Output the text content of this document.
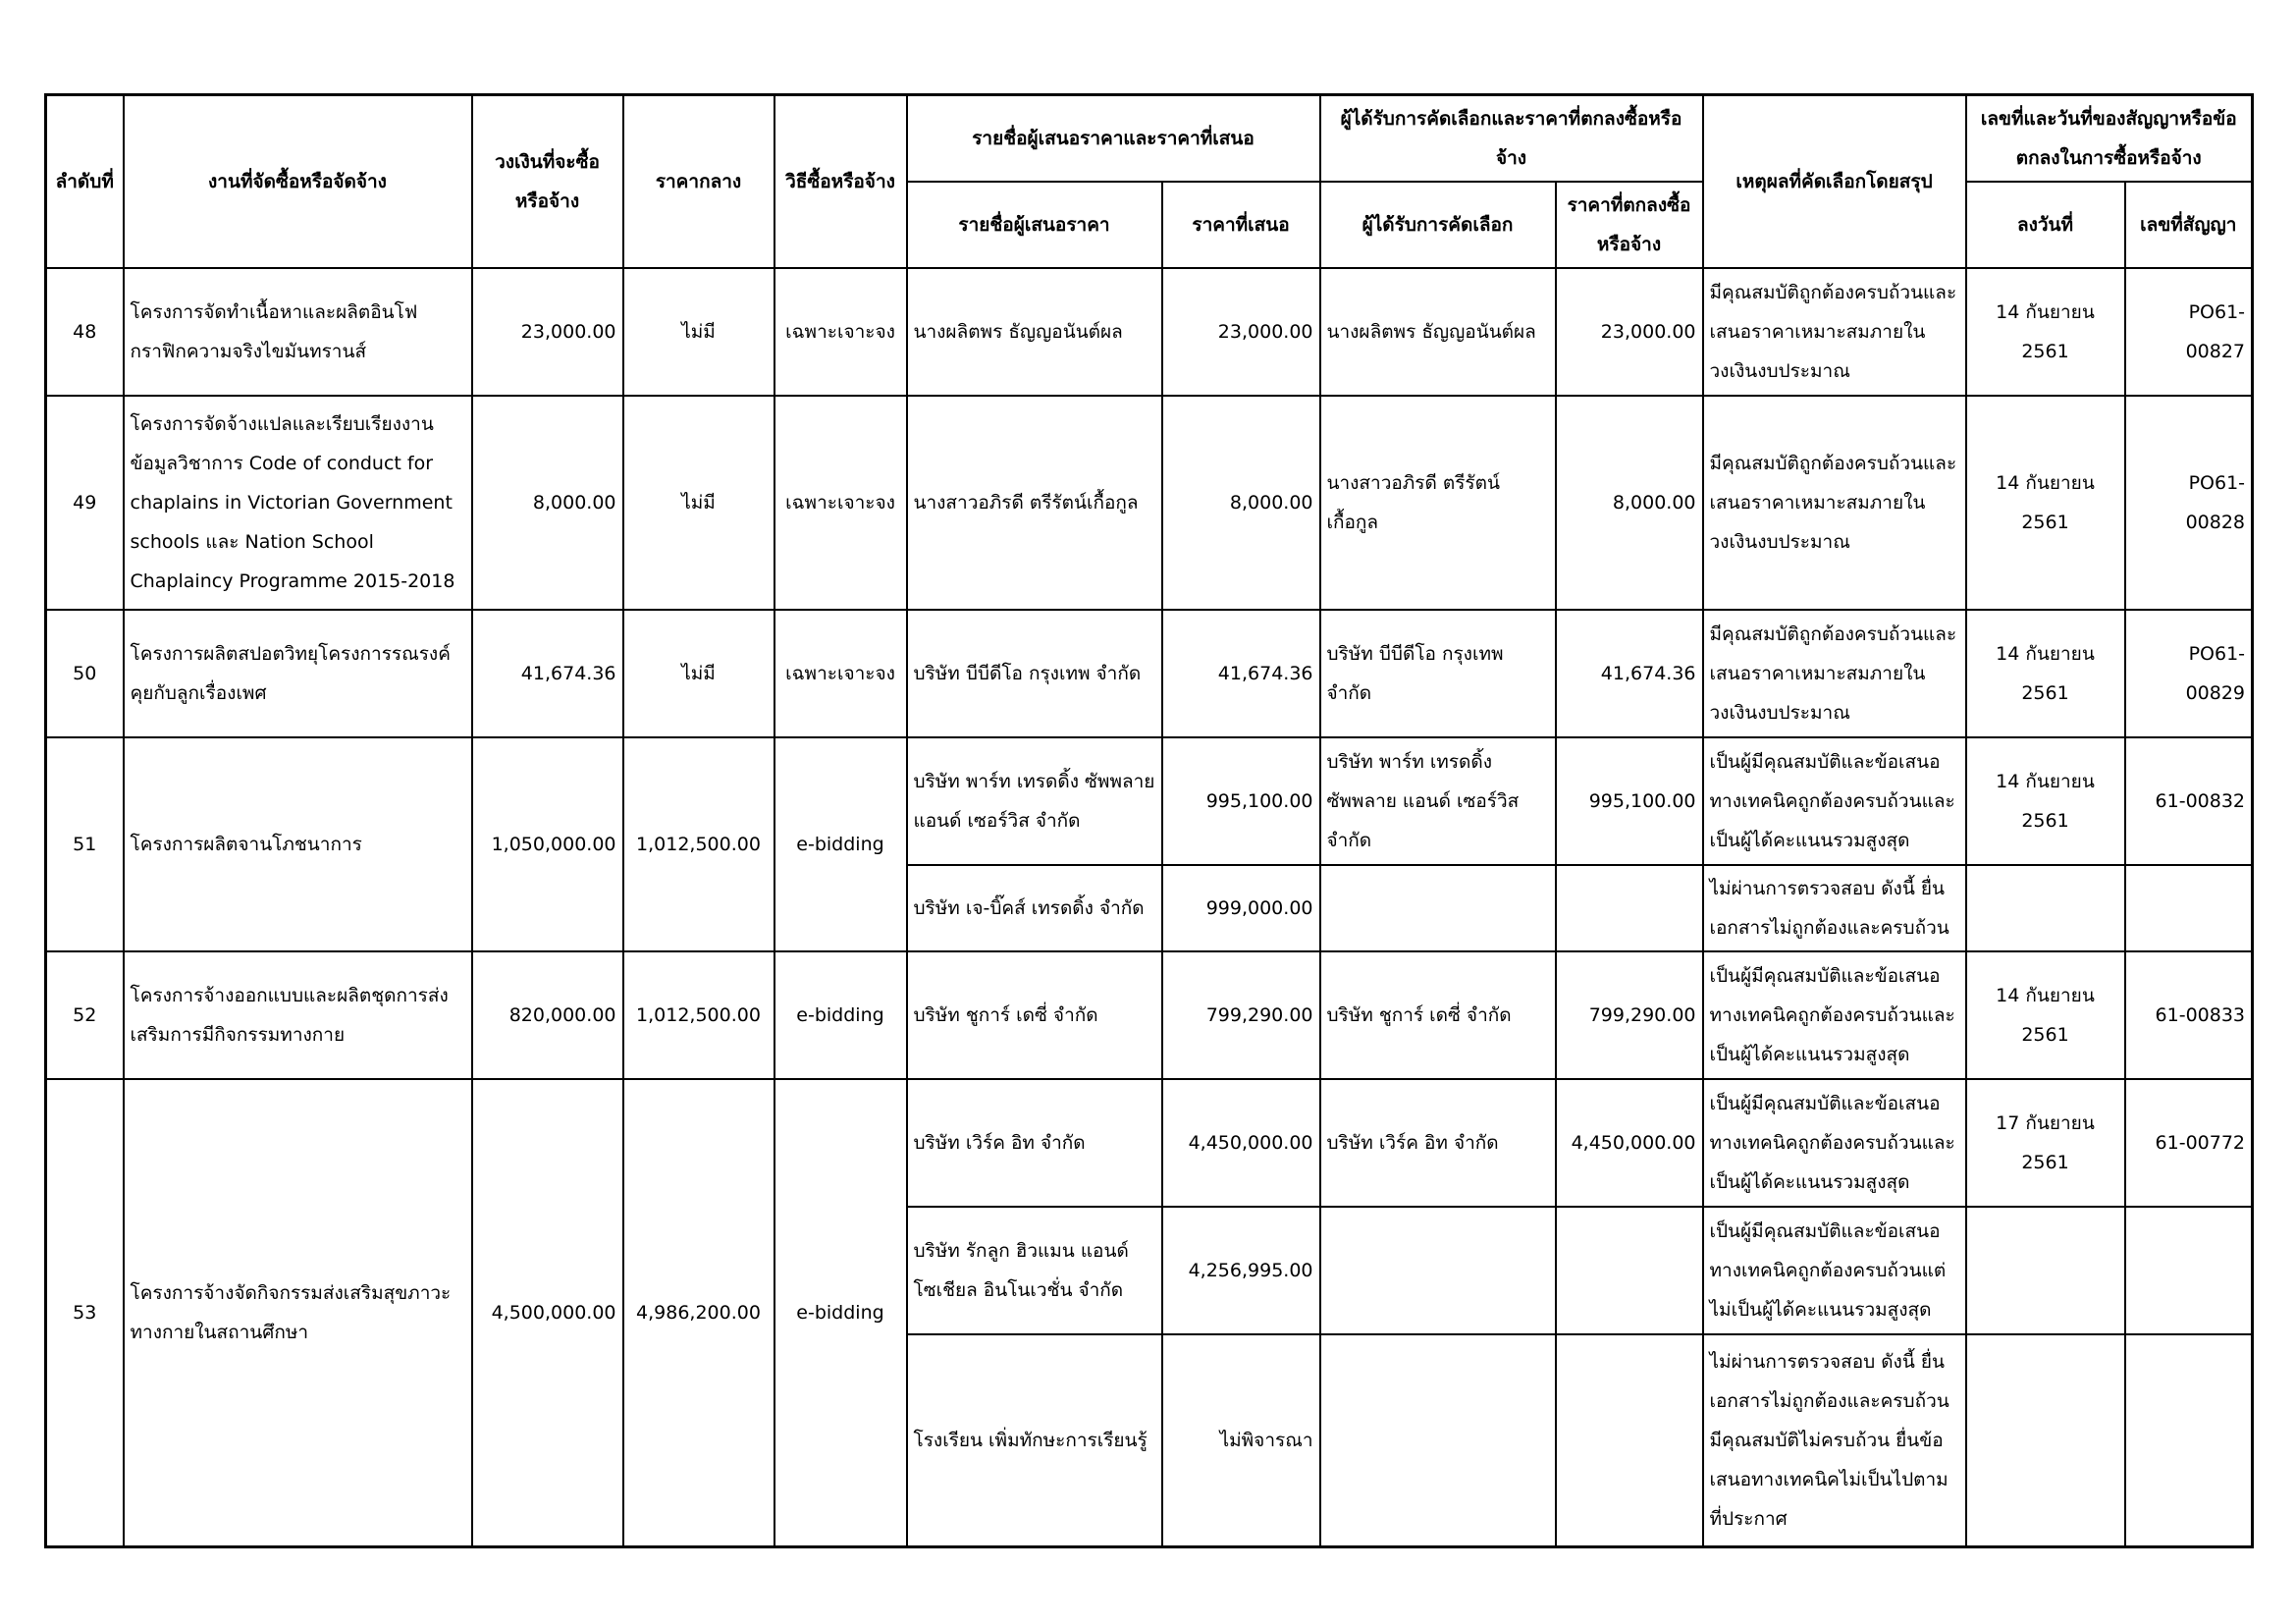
ลำดับที่	งานที่จัดซื้อหรือจัดจ้าง	วงเงินที่จะซื้อหรือจ้าง	ราคากลาง	วิธีซื้อหรือจ้าง	รายชื่อผู้เสนอราคาและราคาที่เสนอ		ผู้ได้รับการคัดเลือกและราคาที่ตกลงซื้อหรือจ้าง		เหตุผลที่คัดเลือกโดยสรุป	เลขที่และวันที่ของสัญญาหรือข้อตกลงในการซื้อหรือจ้าง	
					รายชื่อผู้เสนอราคา	ราคาที่เสนอ	ผู้ได้รับการคัดเลือก	ราคาที่ตกลงซื้อหรือจ้าง		ลงวันที่	เลขที่สัญญา
48	โครงการจัดทำเนื้อหาและผลิตอินโฟกราฟิกความจริงไขมันทรานส์	23,000.00	ไม่มี	เฉพาะเจาะจง	นางผลิตพร ธัญญอนันต์ผล	23,000.00	นางผลิตพร ธัญญอนันต์ผล	23,000.00	มีคุณสมบัติถูกต้องครบถ้วนและเสนอราคาเหมาะสมภายในวงเงินงบประมาณ	14 กันยายน 2561	PO61-00827
49	โครงการจัดจ้างแปลและเรียบเรียงงานข้อมูลวิชาการ Code of conduct for chaplains in Victorian Government schools และ Nation School Chaplaincy Programme 2015-2018	8,000.00	ไม่มี	เฉพาะเจาะจง	นางสาวอภิรดี ตรีรัตน์เกื้อกูล	8,000.00	นางสาวอภิรดี ตรีรัตน์เกื้อกูล	8,000.00	มีคุณสมบัติถูกต้องครบถ้วนและเสนอราคาเหมาะสมภายในวงเงินงบประมาณ	14 กันยายน 2561	PO61-00828
50	โครงการผลิตสปอตวิทยุโครงการรณรงค์คุยกับลูกเรื่องเพศ	41,674.36	ไม่มี	เฉพาะเจาะจง	บริษัท บีบีดีโอ กรุงเทพ จำกัด	41,674.36	บริษัท บีบีดีโอ กรุงเทพ จำกัด	41,674.36	มีคุณสมบัติถูกต้องครบถ้วนและเสนอราคาเหมาะสมภายในวงเงินงบประมาณ	14 กันยายน 2561	PO61-00829
51	โครงการผลิตจานโภชนาการ	1,050,000.00	1,012,500.00	e-bidding	บริษัท พาร์ท เทรดดิ้ง ซัพพลาย แอนด์ เซอร์วิส จำกัด	995,100.00	บริษัท พาร์ท เทรดดิ้ง ซัพพลาย แอนด์ เซอร์วิส จำกัด	995,100.00	เป็นผู้มีคุณสมบัติและข้อเสนอทางเทคนิคถูกต้องครบถ้วนและเป็นผู้ได้คะแนนรวมสูงสุด	14 กันยายน 2561	61-00832
					บริษัท เจ-บิ๊คส์ เทรดดิ้ง จำกัด	999,000.00			ไม่ผ่านการตรวจสอบ ดังนี้ ยื่นเอกสารไม่ถูกต้องและครบถ้วน		
52	โครงการจ้างออกแบบและผลิตชุดการส่งเสริมการมีกิจกรรมทางกาย	820,000.00	1,012,500.00	e-bidding	บริษัท ชูการ์ เดซี่ จำกัด	799,290.00	บริษัท ชูการ์ เดซี่ จำกัด	799,290.00	เป็นผู้มีคุณสมบัติและข้อเสนอทางเทคนิคถูกต้องครบถ้วนและเป็นผู้ได้คะแนนรวมสูงสุด	14 กันยายน 2561	61-00833
53	โครงการจ้างจัดกิจกรรมส่งเสริมสุขภาวะทางกายในสถานศึกษา	4,500,000.00	4,986,200.00	e-bidding	บริษัท เวิร์ค อิท จำกัด	4,450,000.00	บริษัท เวิร์ค อิท จำกัด	4,450,000.00	เป็นผู้มีคุณสมบัติและข้อเสนอทางเทคนิคถูกต้องครบถ้วนและเป็นผู้ได้คะแนนรวมสูงสุด	17 กันยายน 2561	61-00772
					บริษัท รักลูก ฮิวแมน แอนด์ โซเชียล อินโนเวชั่น จำกัด	4,256,995.00			เป็นผู้มีคุณสมบัติและข้อเสนอทางเทคนิคถูกต้องครบถ้วนแต่ไม่เป็นผู้ได้คะแนนรวมสูงสุด		
					โรงเรียน เพิ่มทักษะการเรียนรู้	ไม่พิจารณา			ไม่ผ่านการตรวจสอบ ดังนี้ ยื่นเอกสารไม่ถูกต้องและครบถ้วน มีคุณสมบัติไม่ครบถ้วน ยื่นข้อเสนอทางเทคนิคไม่เป็นไปตามที่ประกาศ		
